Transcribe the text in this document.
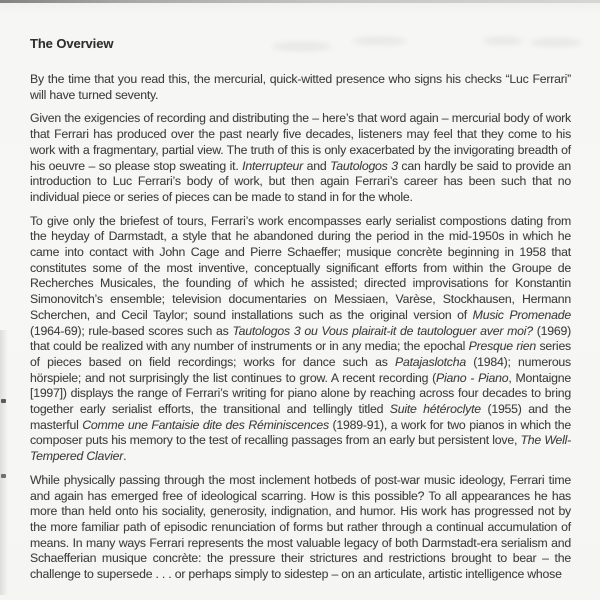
The Overview

By the time that you read this, the mercurial, quick-witted presence who signs his checks “Luc Ferrari” will have turned seventy.

Given the exigencies of recording and distributing the – here’s that word again – mercurial body of work that Ferrari has produced over the past nearly five decades, listeners may feel that they come to his work with a fragmentary, partial view. The truth of this is only exacerbated by the invigorating breadth of his oeuvre – so please stop sweating it. Interrupteur and Tautologos 3 can hardly be said to provide an introduction to Luc Ferrari’s body of work, but then again Ferrari’s career has been such that no individual piece or series of pieces can be made to stand in for the whole.

To give only the briefest of tours, Ferrari’s work encompasses early serialist compostions dating from the heyday of Darmstadt, a style that he abandoned during the period in the mid-1950s in which he came into contact with John Cage and Pierre Schaeffer; musique concrète beginning in 1958 that constitutes some of the most inventive, conceptually significant efforts from within the Groupe de Recherches Musicales, the founding of which he assisted; directed improvisations for Konstantin Simonovitch’s ensemble; television documentaries on Messiaen, Varèse, Stockhausen, Hermann Scherchen, and Cecil Taylor; sound installations such as the original version of Music Promenade (1964-69); rule-based scores such as Tautologos 3 ou Vous plairait-it de tautologuer aver moi? (1969) that could be realized with any number of instruments or in any media; the epochal Presque rien series of pieces based on field recordings; works for dance such as Patajaslotcha (1984); numerous hörspiele; and not surprisingly the list continues to grow. A recent recording (Piano - Piano, Montaigne [1997]) displays the range of Ferrari’s writing for piano alone by reaching across four decades to bring together early serialist efforts, the transitional and tellingly titled Suite hétéroclyte (1955) and the masterful Comme une Fantaisie dite des Réminiscences (1989-91), a work for two pianos in which the composer puts his memory to the test of recalling passages from an early but persistent love, The Well-Tempered Clavier.

While physically passing through the most inclement hotbeds of post-war music ideology, Ferrari time and again has emerged free of ideological scarring. How is this possible? To all appearances he has more than held onto his sociality, generosity, indignation, and humor. His work has progressed not by the more familiar path of episodic renunciation of forms but rather through a continual accumulation of means. In many ways Ferrari represents the most valuable legacy of both Darmstadt-era serialism and Schaefferian musique concrète: the pressure their strictures and restrictions brought to bear – the challenge to supersede . . . or perhaps simply to sidestep – on an articulate, artistic intelligence whose
